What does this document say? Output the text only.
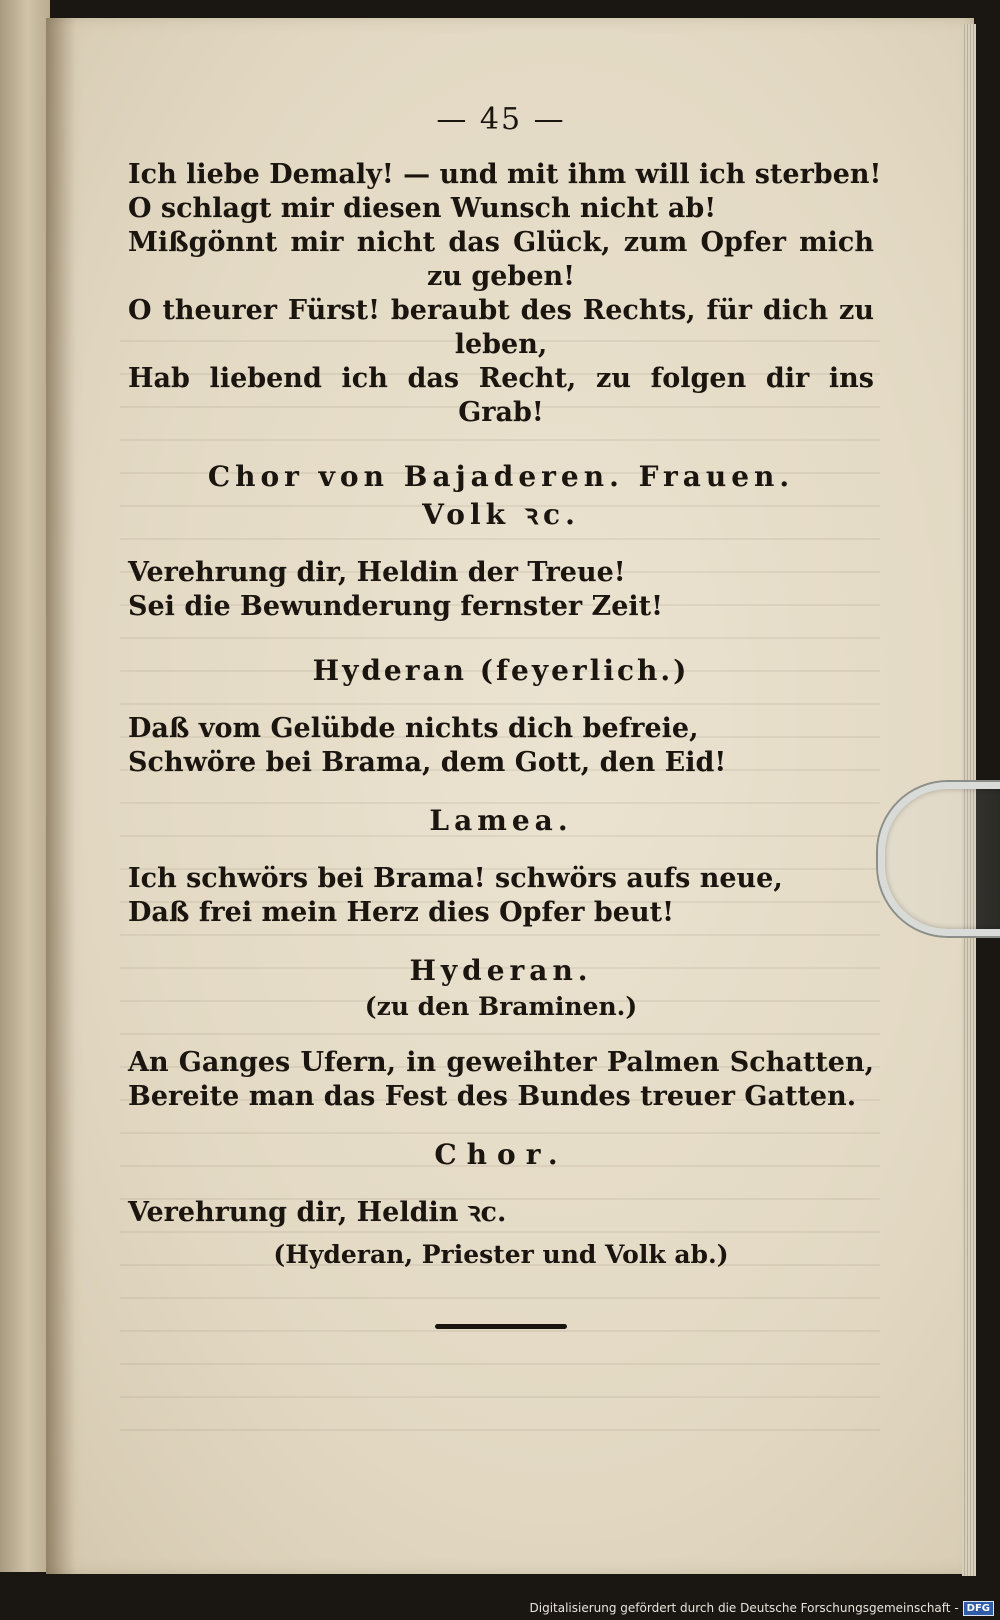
— 45 —
Ich liebe Demaly! — und mit ihm will ich sterben!
O schlagt mir diesen Wunsch nicht ab!
Mißgönnt mir nicht das Glück, zum Opfer mich
zu geben!
O theurer Fürst! beraubt des Rechts, für dich zu
leben,
Hab liebend ich das Recht, zu folgen dir ins
Grab!
Chor von Bajaderen. Frauen.
Volk ꝛc.
Verehrung dir, Heldin der Treue!
Sei die Bewunderung fernster Zeit!
Hyderan (feyerlich.)
Daß vom Gelübde nichts dich befreie,
Schwöre bei Brama, dem Gott, den Eid!
Lamea.
Ich schwörs bei Brama! schwörs aufs neue,
Daß frei mein Herz dies Opfer beut!
Hyderan.
(zu den Braminen.)
An Ganges Ufern, in geweihter Palmen Schatten,
Bereite man das Fest des Bundes treuer Gatten.
Chor.
Verehrung dir, Heldin ꝛc.
(Hyderan, Priester und Volk ab.)
Digitalisierung gefördert durch die Deutsche Forschungsgemeinschaft - DFG
